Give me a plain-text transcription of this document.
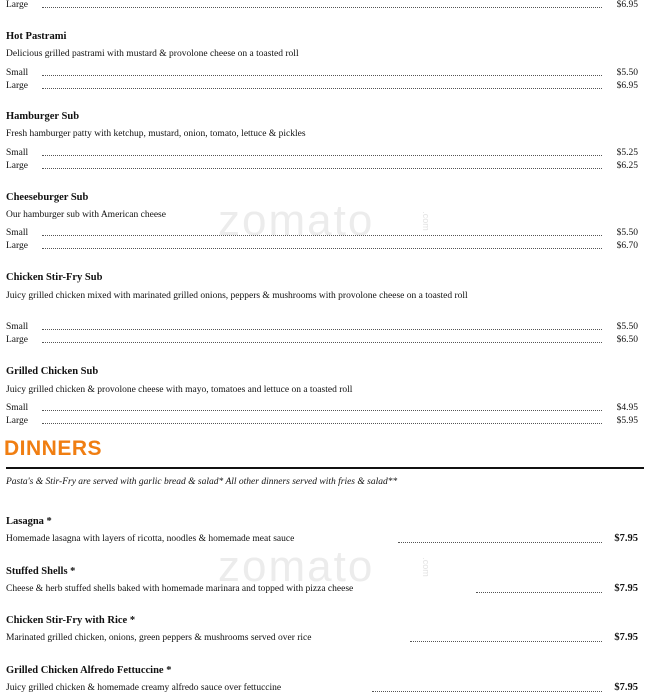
zomato	.com
zomato	.com
Large	$6.95
Hot Pastrami
Delicious grilled pastrami with mustard & provolone cheese on a toasted roll
Small	$5.50
Large	$6.95
Hamburger Sub
Fresh hamburger patty with ketchup, mustard, onion, tomato, lettuce & pickles
Small	$5.25
Large	$6.25
Cheeseburger Sub
Our hamburger sub with American cheese
Small	$5.50
Large	$6.70
Chicken Stir-Fry Sub
Juicy grilled chicken mixed with marinated grilled onions, peppers & mushrooms with provolone cheese on a toasted roll
Small	$5.50
Large	$6.50
Grilled Chicken Sub
Juicy grilled chicken & provolone cheese with mayo, tomatoes and lettuce on a toasted roll
Small	$4.95
Large	$5.95
DINNERS
Pasta's & Stir-Fry are served with garlic bread & salad* All other dinners served with fries & salad**
Lasagna *
Homemade lasagna with layers of ricotta, noodles & homemade meat sauce	$7.95
Stuffed Shells *
Cheese & herb stuffed shells baked with homemade marinara and topped with pizza cheese	$7.95
Chicken Stir-Fry with Rice *
Marinated grilled chicken, onions, green peppers & mushrooms served over rice	$7.95
Grilled Chicken Alfredo Fettuccine *
Juicy grilled chicken & homemade creamy alfredo sauce over fettuccine	$7.95
